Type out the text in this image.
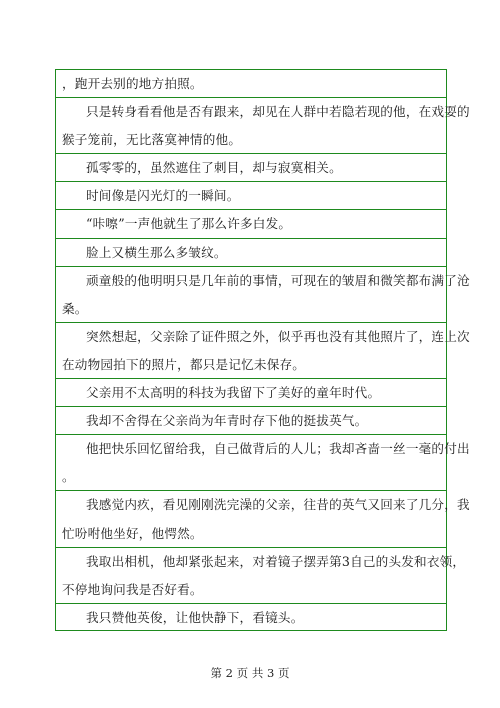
，跑开去别的地方拍照。
只是转身看看他是否有跟来，却见在人群中若隐若现的他，在戏耍的
猴子笼前，无比落寞神情的他。
孤零零的，虽然遮住了刺目，却与寂寞相关。
时间像是闪光灯的一瞬间。
“咔嚓”一声他就生了那么许多白发。
脸上又横生那么多皱纹。
顽童般的他明明只是几年前的事情，可现在的皱眉和微笑都布满了沧
桑。
突然想起，父亲除了证件照之外，似乎再也没有其他照片了，连上次
在动物园拍下的照片，都只是记忆未保存。
父亲用不太高明的科技为我留下了美好的童年时代。
我却不舍得在父亲尚为年青时存下他的挺拔英气。
他把快乐回忆留给我，自己做背后的人儿；我却吝啬一丝一毫的付出
。
我感觉内疚，看见刚刚洗完澡的父亲，往昔的英气又回来了几分，我
忙吩咐他坐好，他愕然。
我取出相机，他却紧张起来，对着镜子摆弄第3自己的头发和衣领，
不停地询问我是否好看。
我只赞他英俊，让他快静下，看镜头。
第 2 页 共 3 页
